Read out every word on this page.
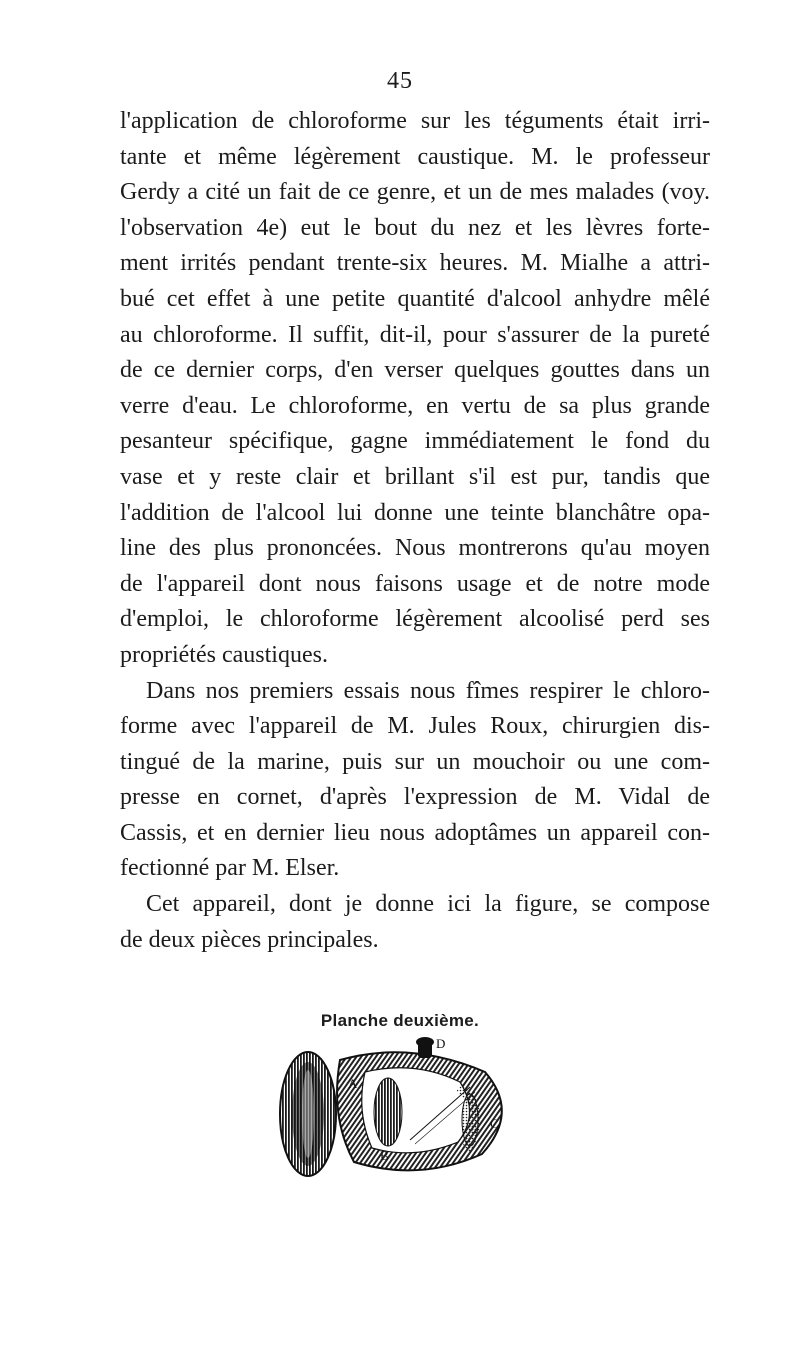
45
l'application de chloroforme sur les téguments était irri-
tante et même légèrement caustique. M. le professeur
Gerdy a cité un fait de ce genre, et un de mes malades (voy.
l'observation 4e) eut le bout du nez et les lèvres forte-
ment irrités pendant trente-six heures. M. Mialhe a attri-
bué cet effet à une petite quantité d'alcool anhydre mêlé
au chloroforme. Il suffit, dit-il, pour s'assurer de la pureté
de ce dernier corps, d'en verser quelques gouttes dans un
verre d'eau. Le chloroforme, en vertu de sa plus grande
pesanteur spécifique, gagne immédiatement le fond du
vase et y reste clair et brillant s'il est pur, tandis que
l'addition de l'alcool lui donne une teinte blanchâtre opa-
line des plus prononcées. Nous montrerons qu'au moyen
de l'appareil dont nous faisons usage et de notre mode
d'emploi, le chloroforme légèrement alcoolisé perd ses
propriétés caustiques.
Dans nos premiers essais nous fîmes respirer le chloro-
forme avec l'appareil de M. Jules Roux, chirurgien dis-
tingué de la marine, puis sur un mouchoir ou une com-
presse en cornet, d'après l'expression de M. Vidal de
Cassis, et en dernier lieu nous adoptâmes un appareil con-
fectionné par M. Elser.
Cet appareil, dont je donne ici la figure, se compose
de deux pièces principales.
Planche deuxième.
A
B
C
D
